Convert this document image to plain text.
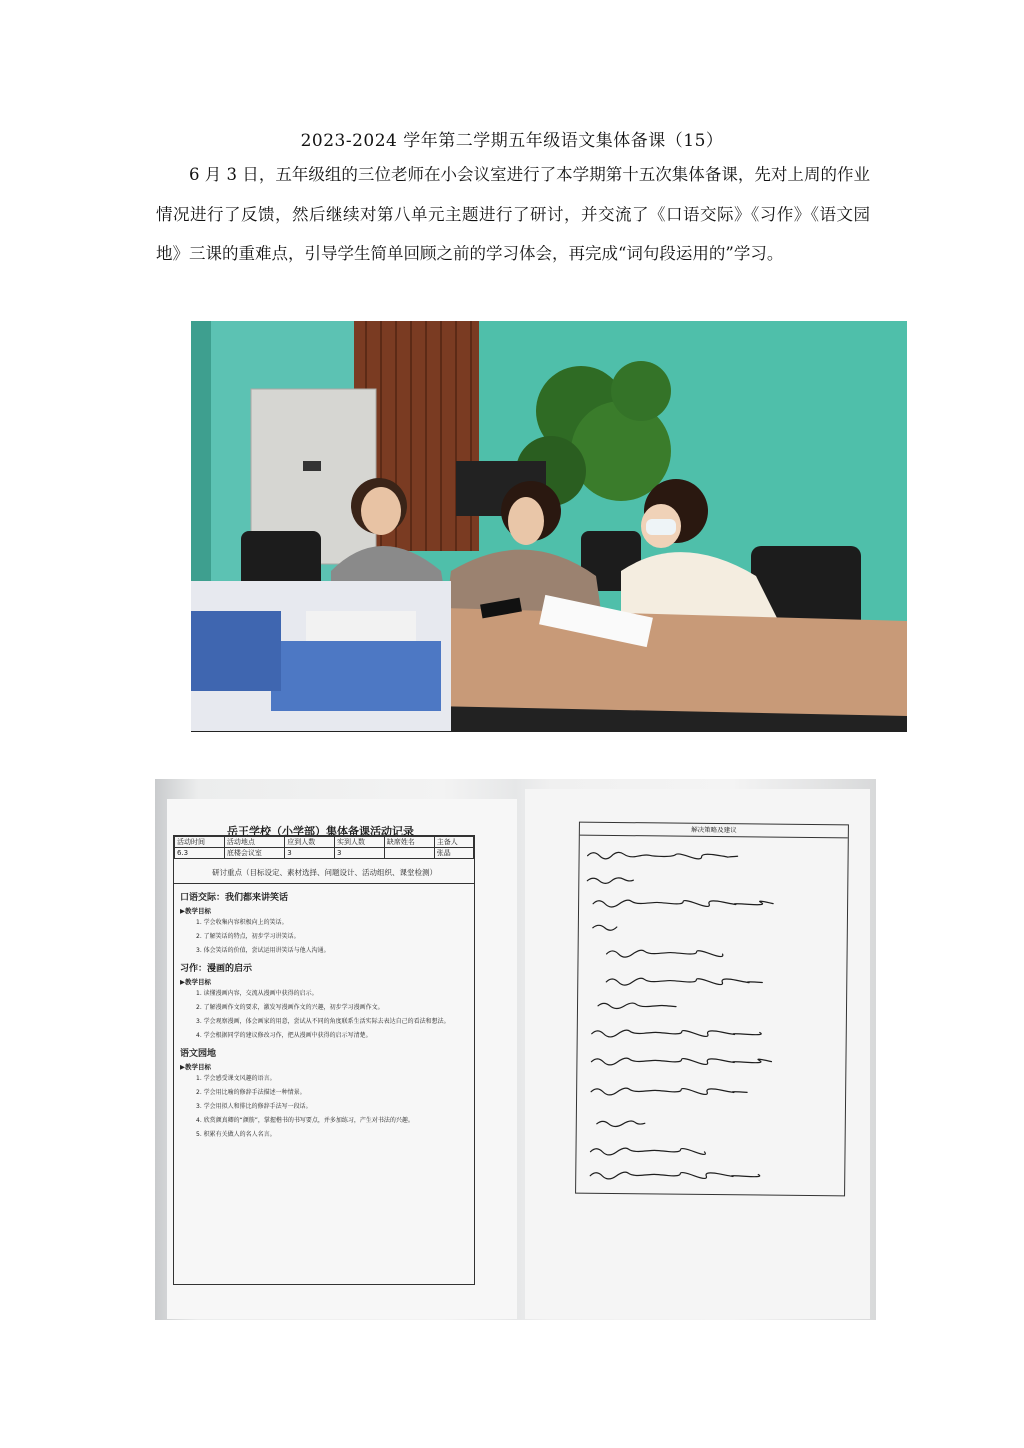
2023-2024 学年第二学期五年级语文集体备课（15）

6 月 3 日，五年级组的三位老师在小会议室进行了本学期第十五次集体备课，先对上周的作业情况进行了反馈，然后继续对第八单元主题进行了研讨，并交流了《口语交际》《习作》《语文园地》三课的重难点，引导学生简单回顾之前的学习体会，再完成“词句段运用的”学习。

岳王学校（小学部）集体备课活动记录
活动时间	活动地点	应到人数	实到人数	缺席姓名	主备人
6.3	底楼会议室	3	3		张晶
研讨重点（目标设定、素材选择、问题设计、活动组织、课堂检测）
口语交际：我们都来讲笑话
▶教学目标
1. 学会收集内容积极向上的笑话。
2. 了解笑话的特点，初步学习讲笑话。
3. 体会笑话的价值，尝试运用讲笑话与他人沟通。
习作：漫画的启示
▶教学目标
1. 读懂漫画内容，交流从漫画中获得的启示。
2. 了解漫画作文的要求，激发写漫画作文的兴趣，初步学习漫画作文。
3. 学会观察漫画，体会画家的用意，尝试从不同的角度联系生活实际去表达自己的看法和想法。
4. 学会根据同学的建议修改习作，把从漫画中获得的启示写清楚。
语文园地
▶教学目标
1. 学会感受课文风趣的语言。
2. 学会用比喻的修辞手法描述一种情景。
3. 学会用拟人和排比的修辞手法写一段话。
4. 欣赏颜真卿的“颜筋”，掌握楷书的书写要点，并多加练习，产生对书法的兴趣。
5. 积累有关做人的名人名言。
解决策略及建议
